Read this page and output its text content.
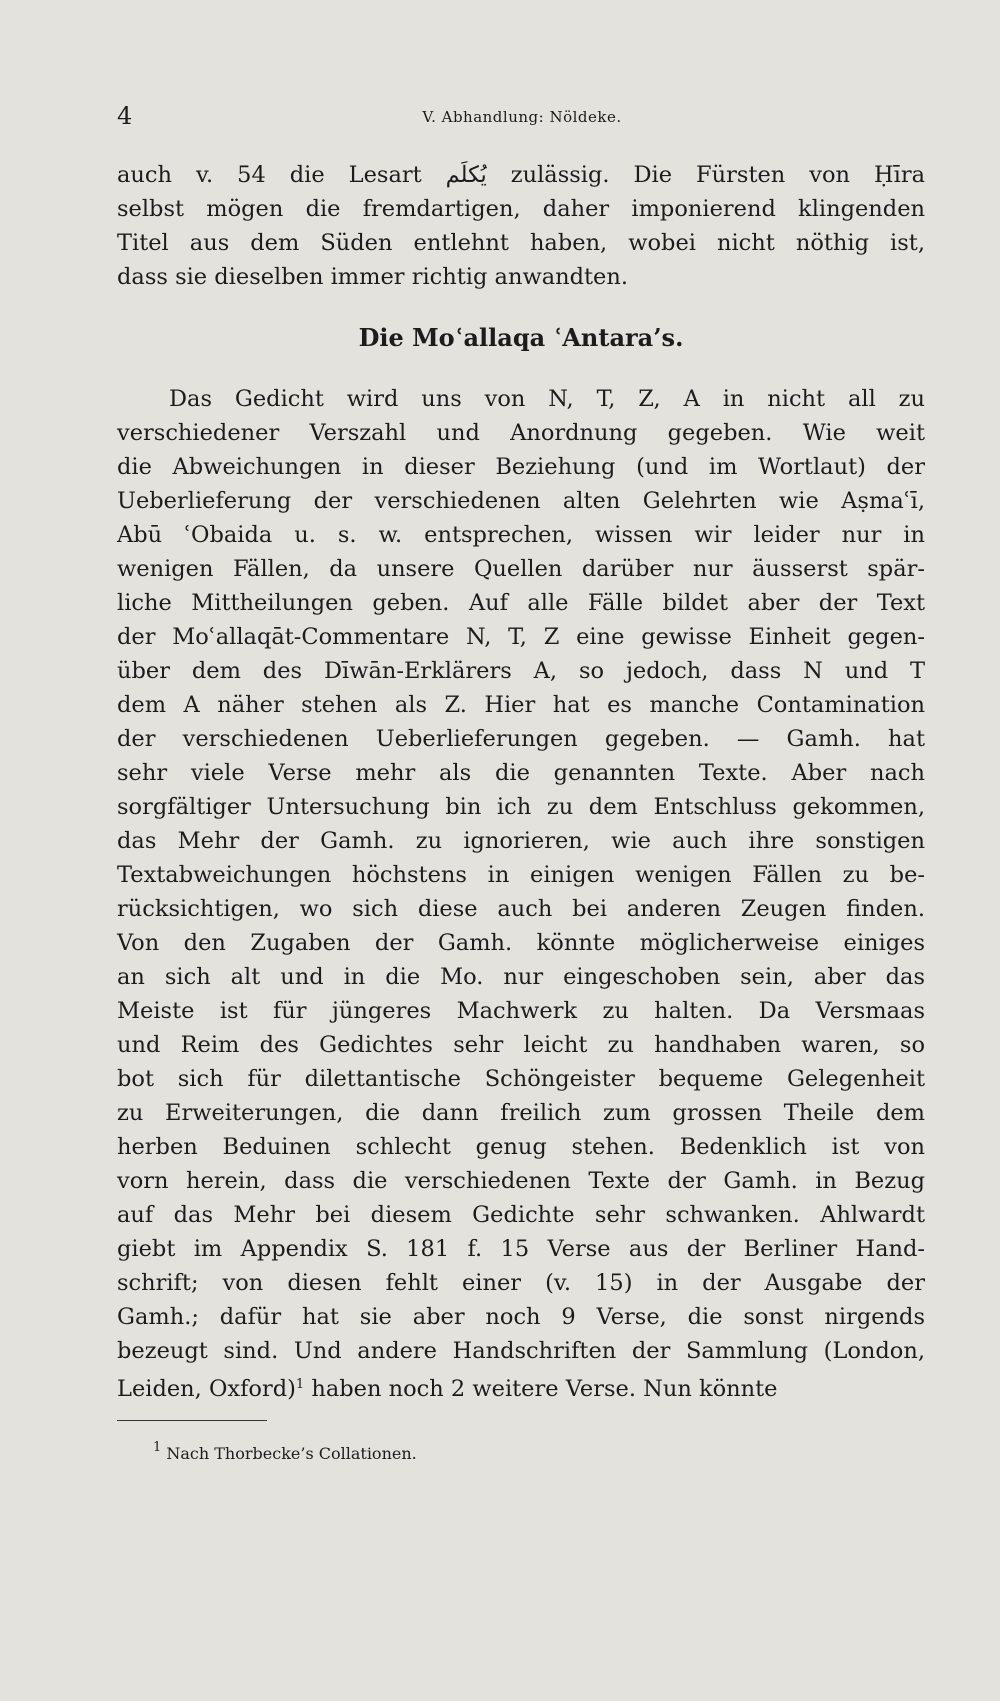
4	V. Abhandlung: Nöldeke.
auch v. 54 die Lesart ﻳُﻜﻠَﻢ zulässig. Die Fürsten von Ḥīra
selbst mögen die fremdartigen, daher imponierend klingenden
Titel aus dem Süden entlehnt haben, wobei nicht nöthig ist,
dass sie dieselben immer richtig anwandten.
Die Moʿallaqa ʿAntara’s.
Das Gedicht wird uns von N, T, Z, A in nicht all zu
verschiedener Verszahl und Anordnung gegeben. Wie weit
die Abweichungen in dieser Beziehung (und im Wortlaut) der
Ueberlieferung der verschiedenen alten Gelehrten wie Aṣmaʿī,
Abū ʿObaida u. s. w. entsprechen, wissen wir leider nur in
wenigen Fällen, da unsere Quellen darüber nur äusserst spär-
liche Mittheilungen geben. Auf alle Fälle bildet aber der Text
der Moʿallaqāt-Commentare N, T, Z eine gewisse Einheit gegen-
über dem des Dīwān-Erklärers A, so jedoch, dass N und T
dem A näher stehen als Z. Hier hat es manche Contamination
der verschiedenen Ueberlieferungen gegeben. — Gamh. hat
sehr viele Verse mehr als die genannten Texte. Aber nach
sorgfältiger Untersuchung bin ich zu dem Entschluss gekommen,
das Mehr der Gamh. zu ignorieren, wie auch ihre sonstigen
Textabweichungen höchstens in einigen wenigen Fällen zu be-
rücksichtigen, wo sich diese auch bei anderen Zeugen finden.
Von den Zugaben der Gamh. könnte möglicherweise einiges
an sich alt und in die Mo. nur eingeschoben sein, aber das
Meiste ist für jüngeres Machwerk zu halten. Da Versmaas
und Reim des Gedichtes sehr leicht zu handhaben waren, so
bot sich für dilettantische Schöngeister bequeme Gelegenheit
zu Erweiterungen, die dann freilich zum grossen Theile dem
herben Beduinen schlecht genug stehen. Bedenklich ist von
vorn herein, dass die verschiedenen Texte der Gamh. in Bezug
auf das Mehr bei diesem Gedichte sehr schwanken. Ahlwardt
giebt im Appendix S. 181 f. 15 Verse aus der Berliner Hand-
schrift; von diesen fehlt einer (v. 15) in der Ausgabe der
Gamh.; dafür hat sie aber noch 9 Verse, die sonst nirgends
bezeugt sind. Und andere Handschriften der Sammlung (London,
Leiden, Oxford)$^1$ haben noch 2 weitere Verse. Nun könnte
$^1$ Nach Thorbecke’s Collationen.
